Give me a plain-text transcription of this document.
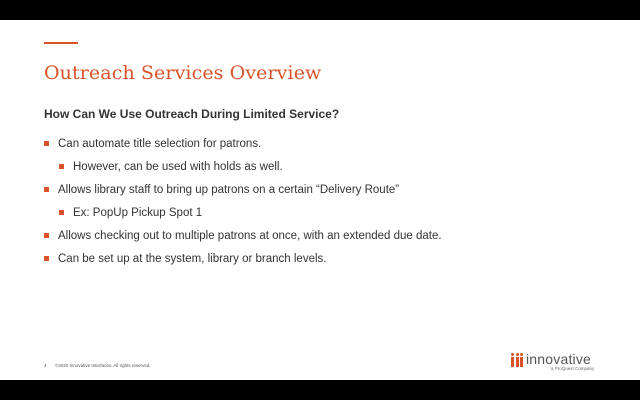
Outreach Services Overview
How Can We Use Outreach During Limited Service?
Can automate title selection for patrons.
However, can be used with holds as well.
Allows library staff to bring up patrons on a certain “Delivery Route”
Ex: PopUp Pickup Spot 1
Allows checking out to multiple patrons at once, with an extended due date.
Can be set up at the system, library or branch levels.
4 ©2020 Innovative Interfaces. All rights reserved.	innovative
a ProQuest Company
